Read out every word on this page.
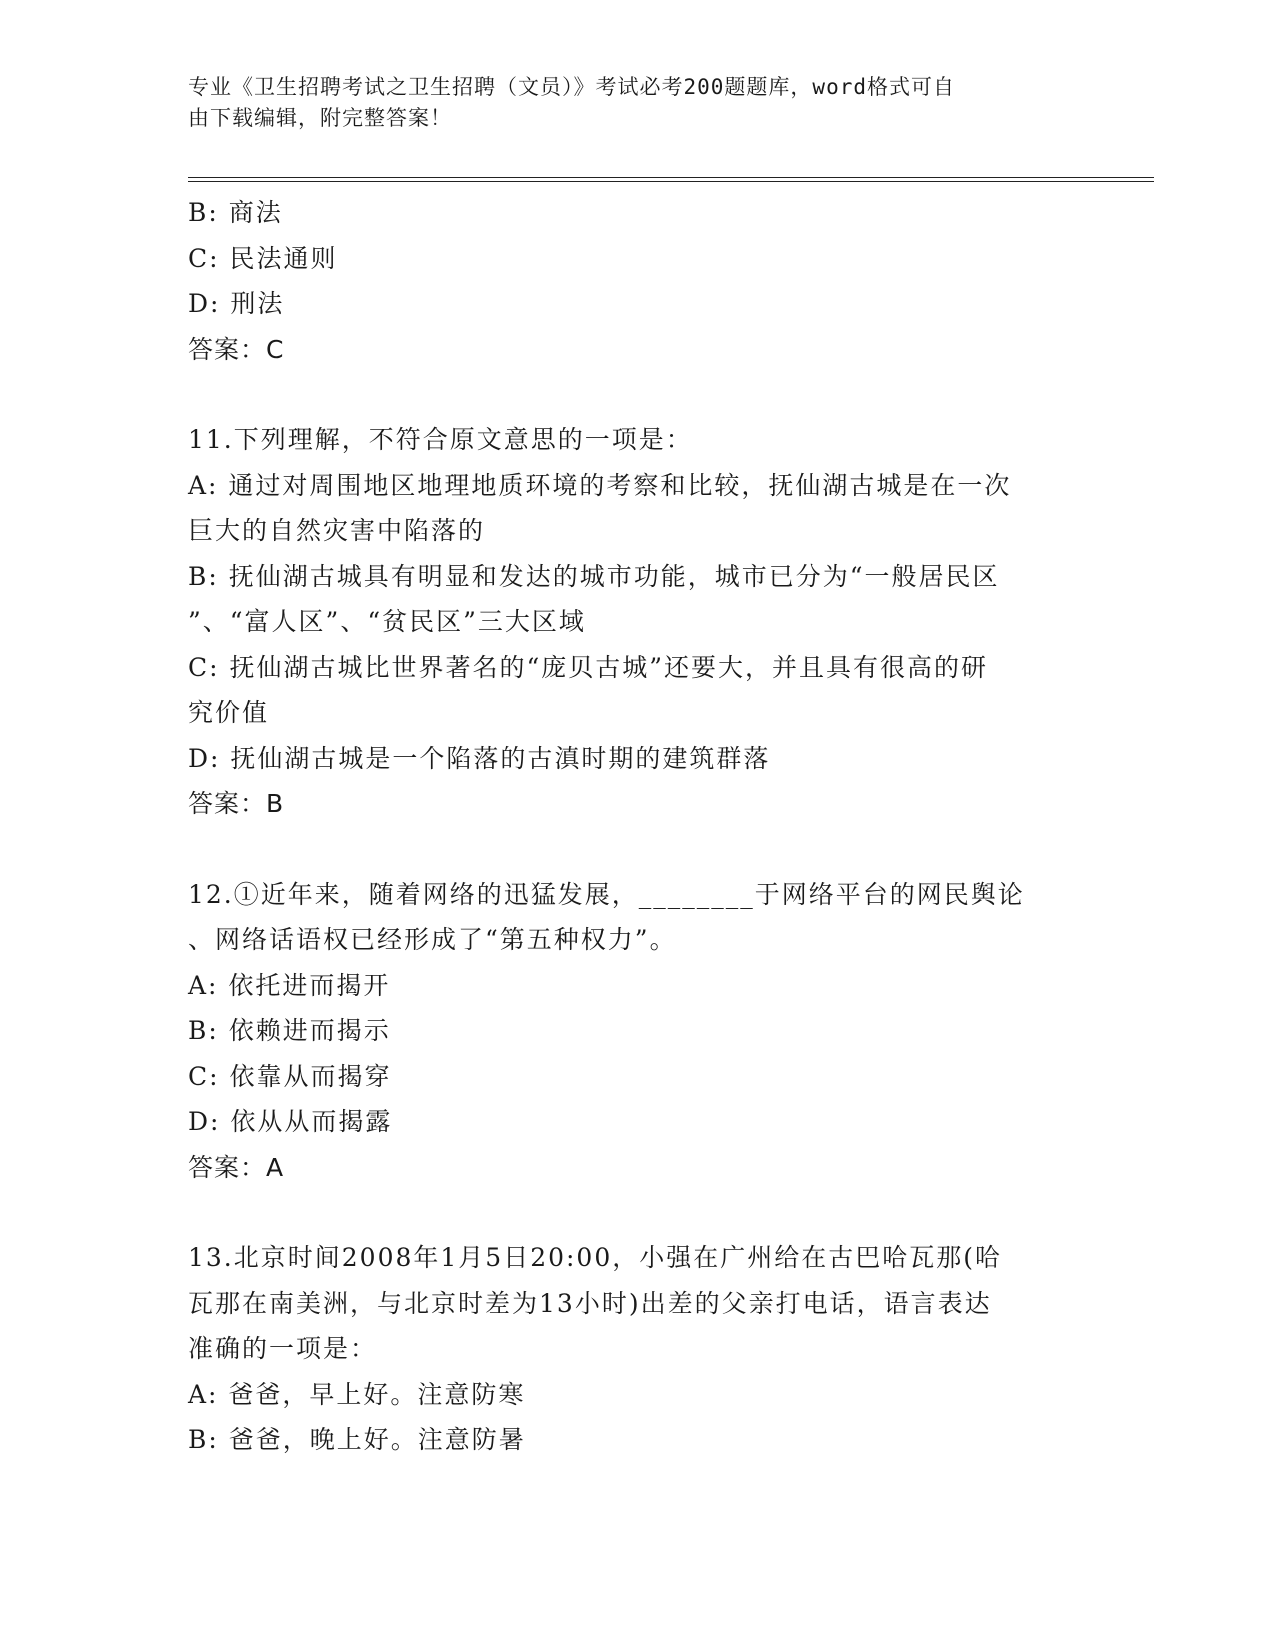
专业《卫生招聘考试之卫生招聘（文员）》考试必考200题题库，word格式可自

由下载编辑，附完整答案！

B: 商法

C: 民法通则

D: 刑法

答案：C

11.下列理解，不符合原文意思的一项是：

A: 通过对周围地区地理地质环境的考察和比较，抚仙湖古城是在一次

巨大的自然灾害中陷落的

B: 抚仙湖古城具有明显和发达的城市功能，城市已分为“一般居民区

”、“富人区”、“贫民区”三大区域

C: 抚仙湖古城比世界著名的“庞贝古城”还要大，并且具有很高的研

究价值

D: 抚仙湖古城是一个陷落的古滇时期的建筑群落

答案：B

12.①近年来，随着网络的迅猛发展，________于网络平台的网民舆论

、网络话语权已经形成了“第五种权力”。

A: 依托进而揭开

B: 依赖进而揭示

C: 依靠从而揭穿

D: 依从从而揭露

答案：A

13.北京时间2008年1月5日20:00，小强在广州给在古巴哈瓦那(哈

瓦那在南美洲，与北京时差为13小时)出差的父亲打电话，语言表达

准确的一项是：

A: 爸爸，早上好。注意防寒

B: 爸爸，晚上好。注意防暑
